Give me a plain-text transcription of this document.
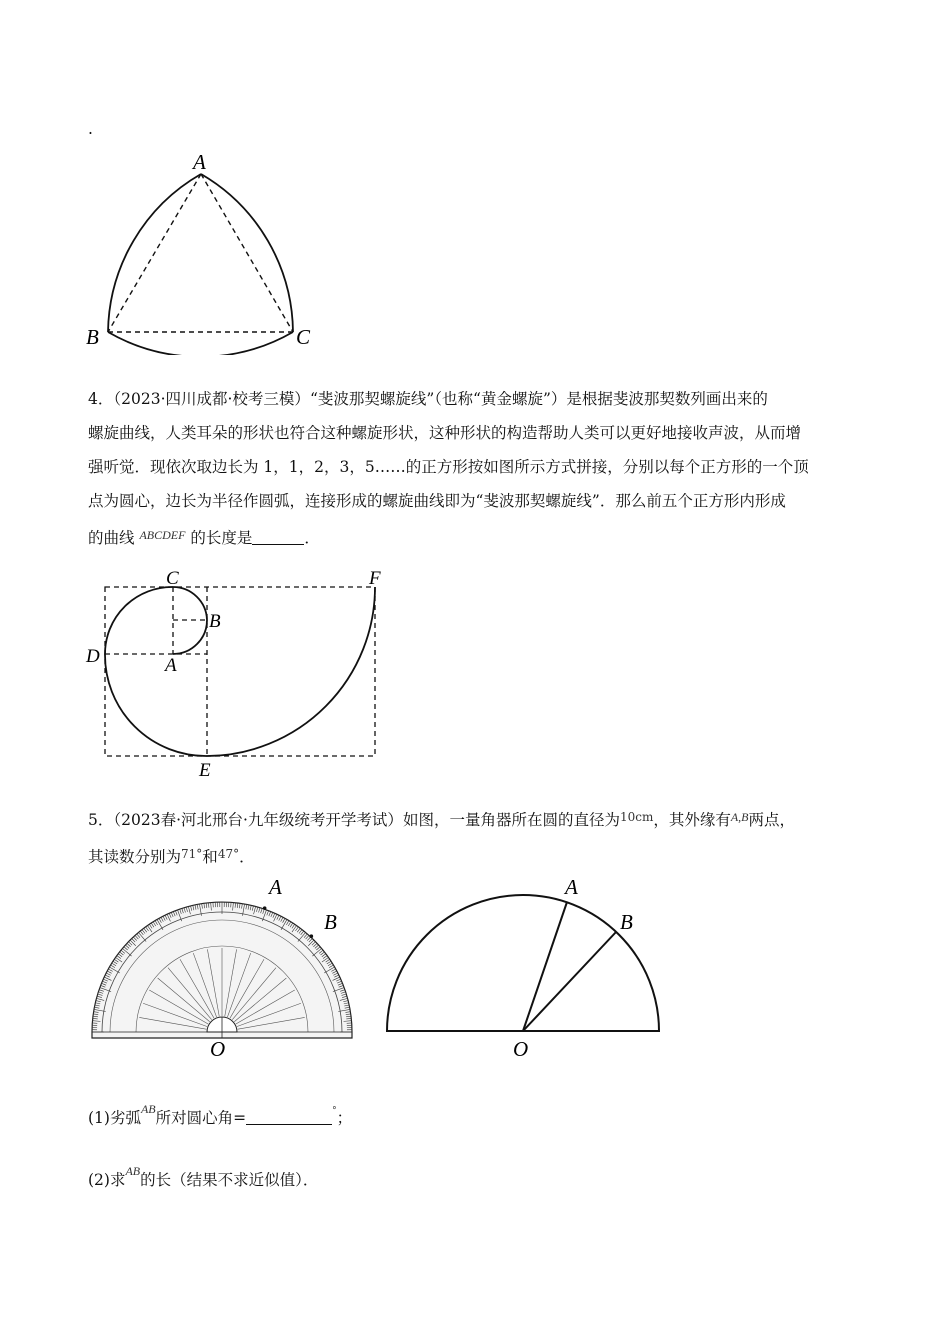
.
A
B	C
4．（2023·四川成都·校考三模）“斐波那契螺旋线”（也称“黄金螺旋”）是根据斐波那契数列画出来的
螺旋曲线，人类耳朵的形状也符合这种螺旋形状，这种形状的构造帮助人类可以更好地接收声波，从而增
强听觉．现依次取边长为 1，1，2，3，5……的正方形按如图所示方式拼接，分别以每个正方形的一个顶
点为圆心，边长为半径作圆弧，连接形成的螺旋曲线即为“斐波那契螺旋线”．那么前五个正方形内形成
的曲线 $^{ABCDEF}$ 的长度是	．
A
B
C
D
E
F
5．（2023春·河北邢台·九年级统考开学考试）如图，一量角器所在圆的直径为$^{10cm}$，其外缘有$^{A,B}$两点，
其读数分别为$^{71^\circ}$和$^{47^\circ}$．
A
B
O
A
B
O
(1)劣弧$^{AB}$所对圆心角=	°；
(2)求$^{AB}$的长（结果不求近似值）．
